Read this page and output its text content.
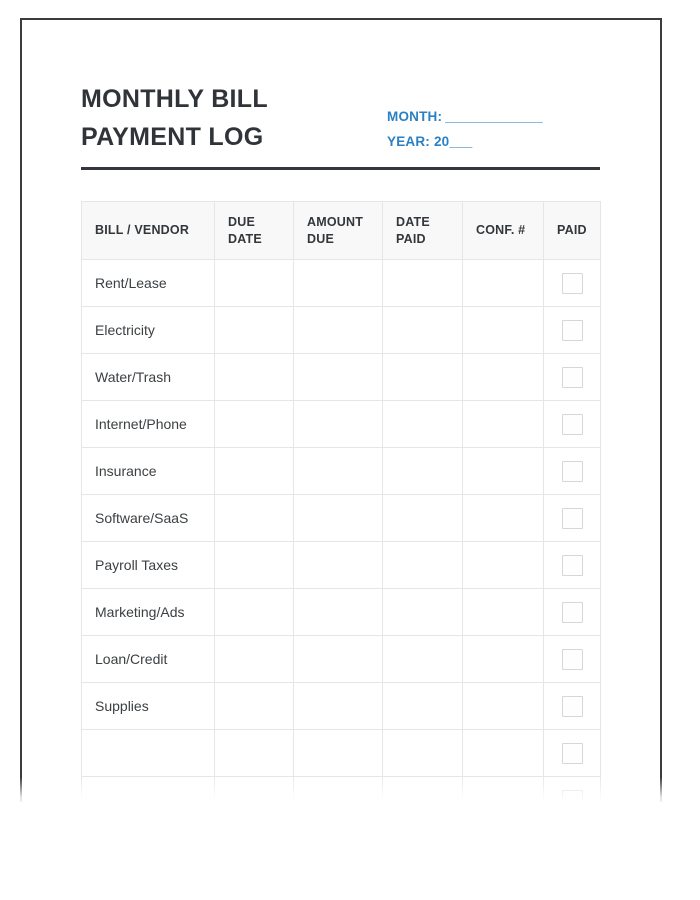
MONTHLY BILL
PAYMENT LOG
MONTH: _____________
YEAR: 20___
BILL / VENDOR	DUE DATE	AMOUNT DUE	DATE PAID	CONF. #	PAID
Rent/Lease					
Electricity					
Water/Trash					
Internet/Phone					
Insurance					
Software/SaaS					
Payroll Taxes					
Marketing/Ads					
Loan/Credit					
Supplies					
